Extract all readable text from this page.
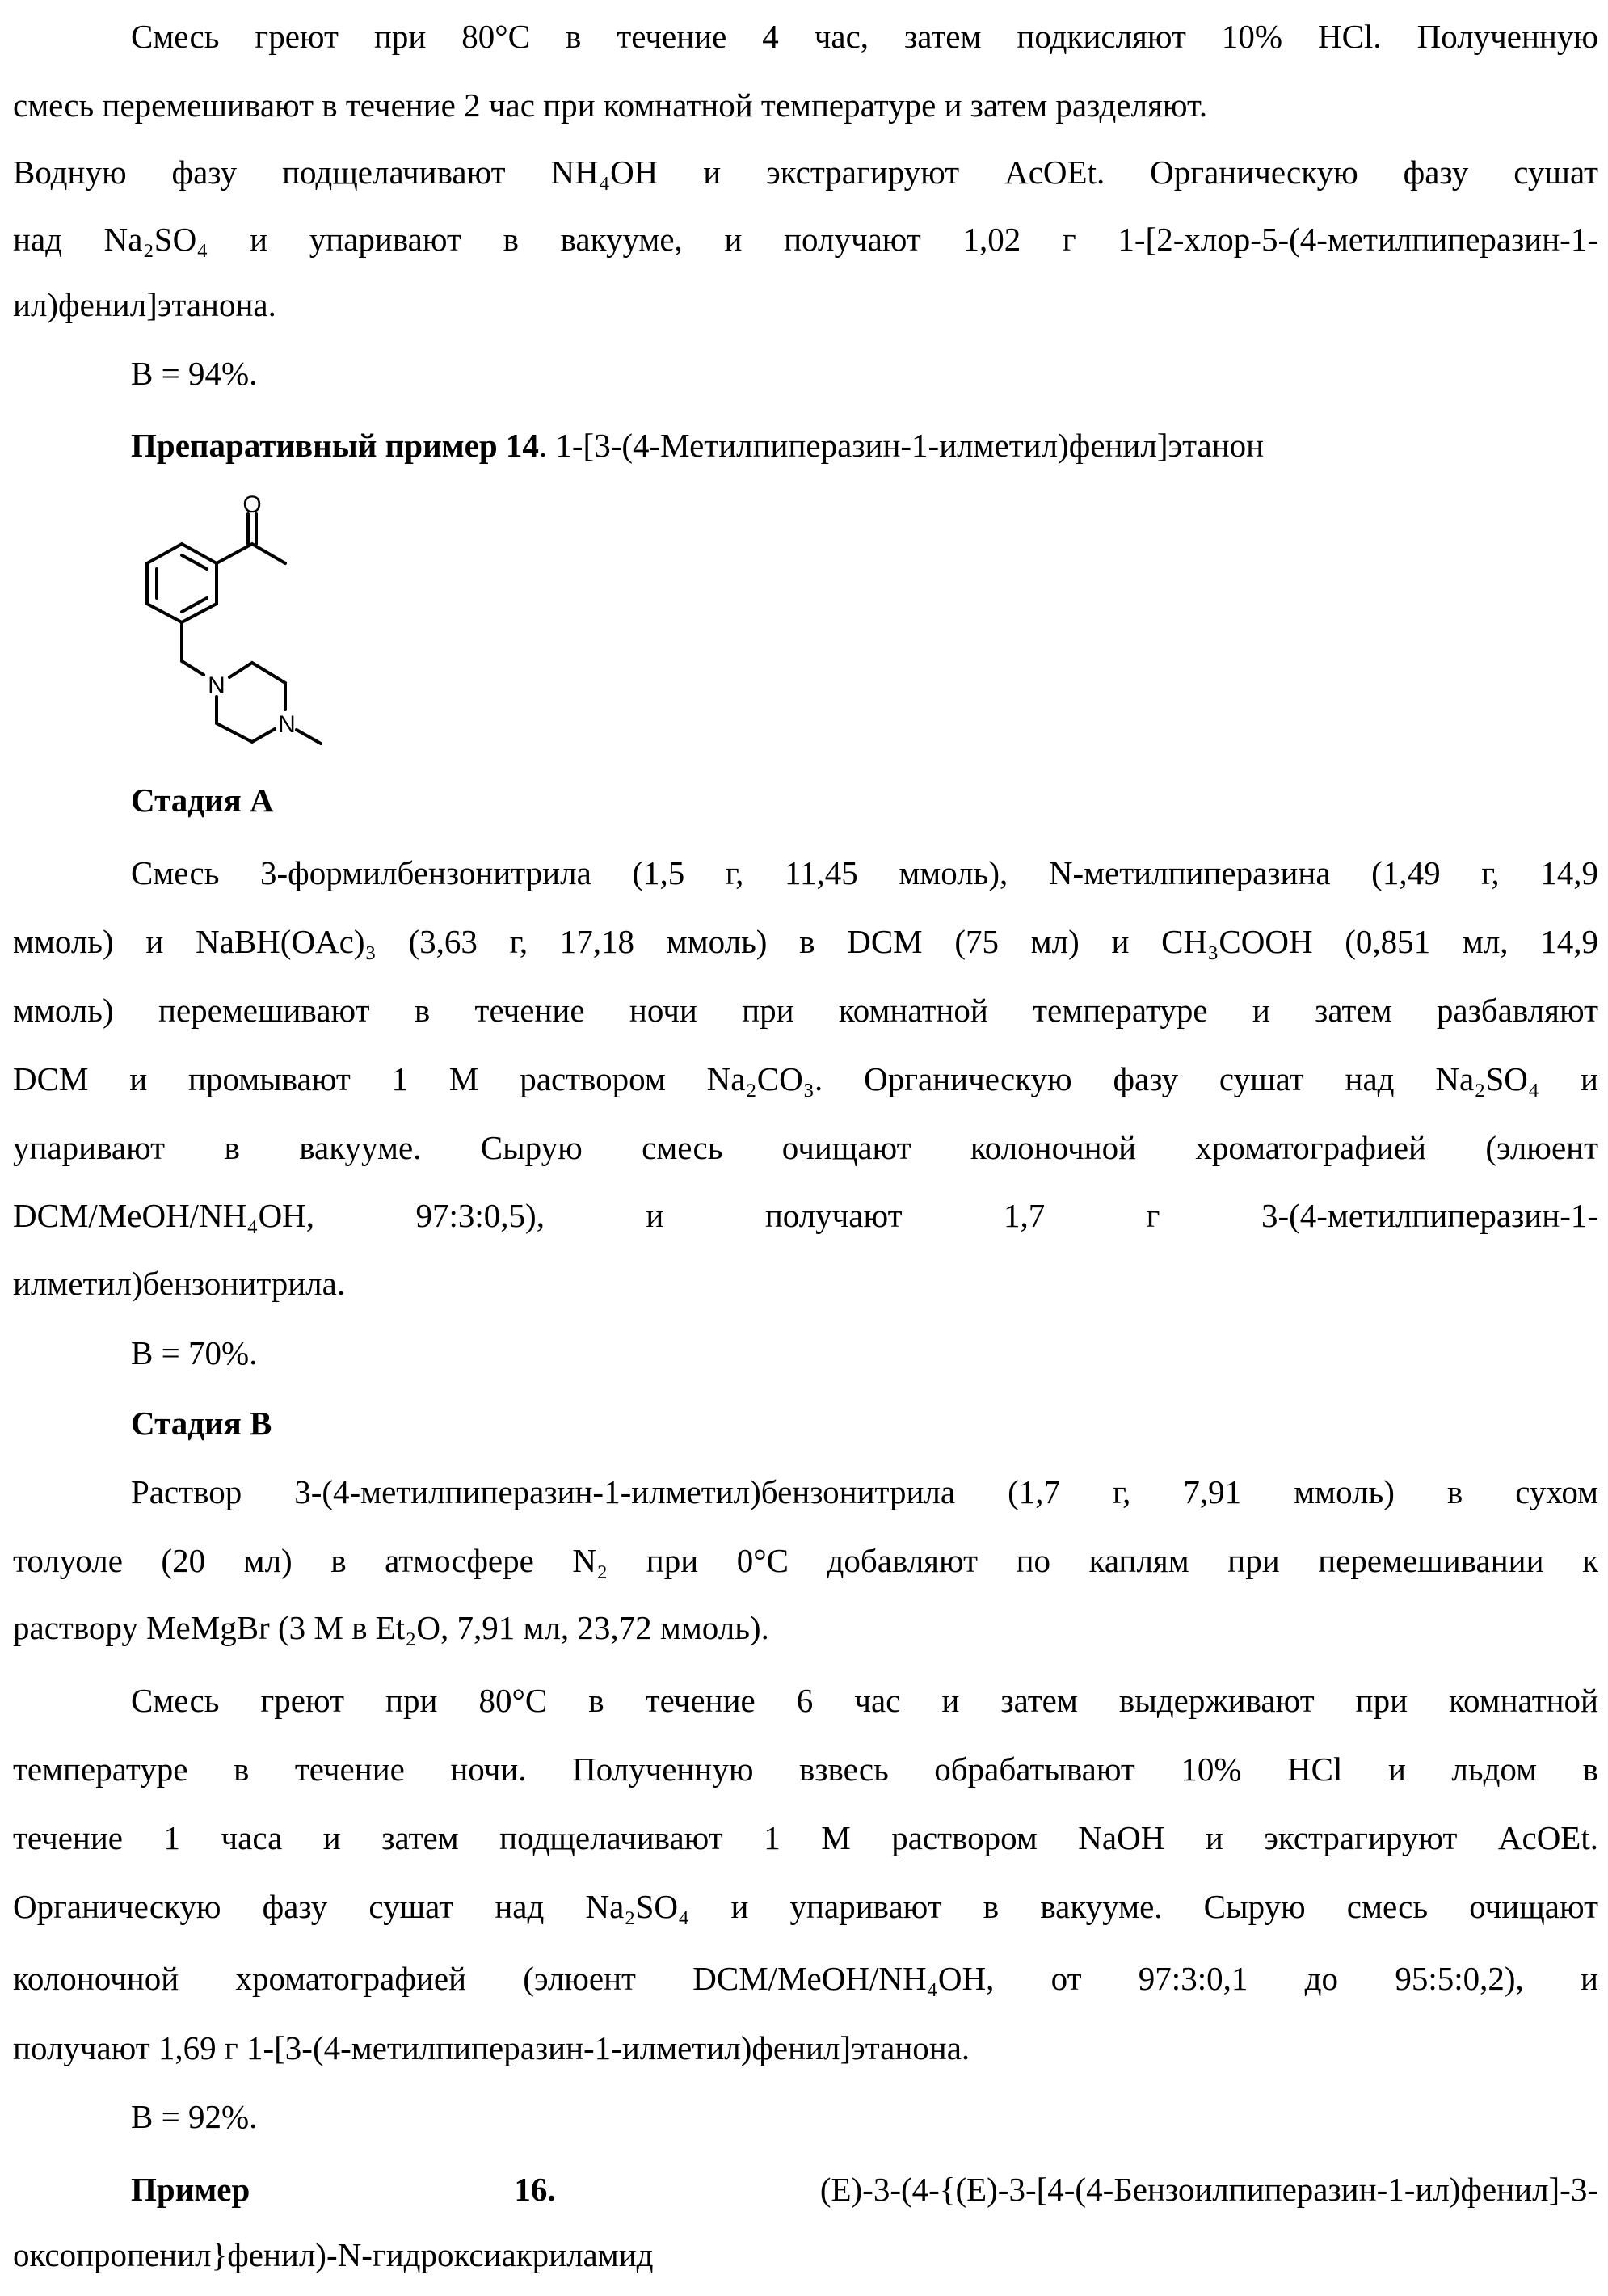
Смесь греют при 80°С в течение 4 час, затем подкисляют 10% HCl. Полученную
смесь перемешивают в течение 2 час при комнатной температуре и затем разделяют.
Водную фазу подщелачивают NH₄OH и экстрагируют AcOEt. Органическую фазу сушат
над Na₂SO₄ и упаривают в вакууме, и получают 1,02 г 1-[2-хлор-5-(4-метилпиперазин-1-
ил)фенил]этанона.
В = 94%.
Препаративный пример 14. 1-[3-(4-Метилпиперазин-1-илметил)фенил]этанон
Стадия А
Смесь 3-формилбензонитрила (1,5 г, 11,45 ммоль), N-метилпиперазина (1,49 г, 14,9
ммоль) и NaBH(OAc)₃ (3,63 г, 17,18 ммоль) в DCM (75 мл) и CH₃COOH (0,851 мл, 14,9
ммоль) перемешивают в течение ночи при комнатной температуре и затем разбавляют
DCM и промывают 1 М раствором Na₂CO₃. Органическую фазу сушат над Na₂SO₄ и
упаривают в вакууме. Сырую смесь очищают колоночной хроматографией (элюент
DCM/MeOH/NH₄OH, 97:3:0,5), и получают 1,7 г 3-(4-метилпиперазин-1-
илметил)бензонитрила.
В = 70%.
Стадия В
Раствор 3-(4-метилпиперазин-1-илметил)бензонитрила (1,7 г, 7,91 ммоль) в сухом
толуоле (20 мл) в атмосфере N₂ при 0°С добавляют по каплям при перемешивании к
раствору MeMgBr (3 М в Et₂O, 7,91 мл, 23,72 ммоль).
Смесь греют при 80°С в течение 6 час и затем выдерживают при комнатной
температуре в течение ночи. Полученную взвесь обрабатывают 10% HCl и льдом в
течение 1 часа и затем подщелачивают 1 М раствором NaOH и экстрагируют AcOEt.
Органическую фазу сушат над Na₂SO₄ и упаривают в вакууме. Сырую смесь очищают
колоночной хроматографией (элюент DCM/MeOH/NH₄OH, от 97:3:0,1 до 95:5:0,2), и
получают 1,69 г 1-[3-(4-метилпиперазин-1-илметил)фенил]этанона.
В = 92%.
Пример 16. (E)-3-(4-{(E)-3-[4-(4-Бензоилпиперазин-1-ил)фенил]-3-
оксопропенил}фенил)-N-гидроксиакриламид
O
N
N
